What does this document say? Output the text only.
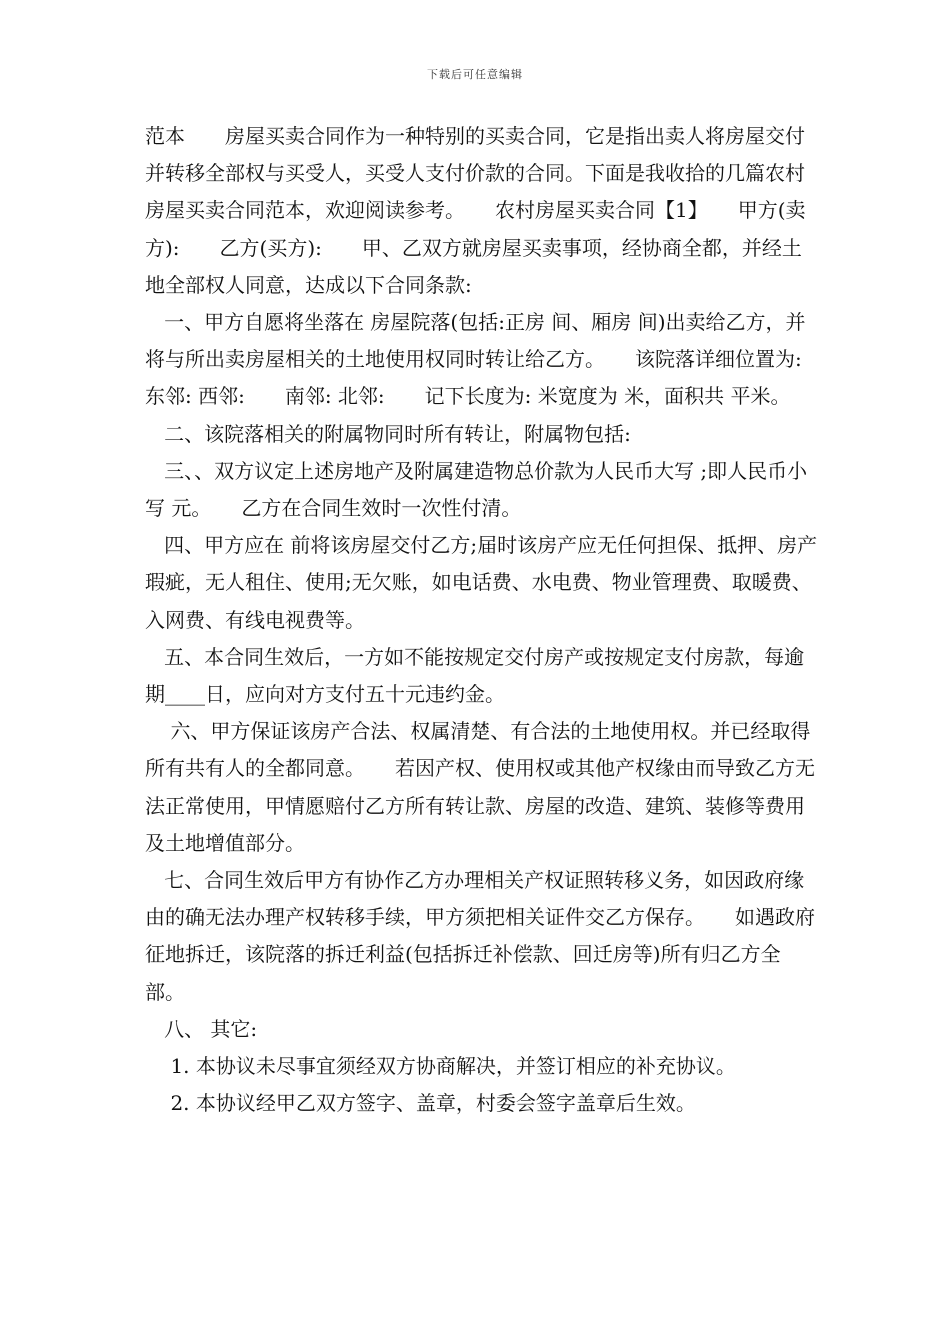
下载后可任意编辑

范本　　房屋买卖合同作为一种特别的买卖合同，它是指出卖人将房屋交付并转移全部权与买受人，买受人支付价款的合同。下面是我收拾的几篇农村房屋买卖合同范本，欢迎阅读参考。　　农村房屋买卖合同【1】　　甲方(卖方):　　乙方(买方):　　甲、乙双方就房屋买卖事项，经协商全都，并经土地全部权人同意，达成以下合同条款:

一、甲方自愿将坐落在 房屋院落(包括:正房 间、厢房 间)出卖给乙方，并将与所出卖房屋相关的土地使用权同时转让给乙方。　　该院落详细位置为:　　东邻: 西邻:　　南邻: 北邻:　　记下长度为: 米宽度为 米，面积共 平米。

二、该院落相关的附属物同时所有转让，附属物包括:

三、、双方议定上述房地产及附属建造物总价款为人民币大写 ;即人民币小写 元。　　乙方在合同生效时一次性付清。

四、甲方应在 前将该房屋交付乙方;届时该房产应无任何担保、抵押、房产瑕疵，无人租住、使用;无欠账，如电话费、水电费、物业管理费、取暖费、入网费、有线电视费等。

五、本合同生效后，一方如不能按规定交付房产或按规定支付房款，每逾期____日，应向对方支付五十元违约金。

六、甲方保证该房产合法、权属清楚、有合法的土地使用权。并已经取得所有共有人的全都同意。　　若因产权、使用权或其他产权缘由而导致乙方无法正常使用，甲情愿赔付乙方所有转让款、房屋的改造、建筑、装修等费用及土地增值部分。

七、合同生效后甲方有协作乙方办理相关产权证照转移义务，如因政府缘由的确无法办理产权转移手续，甲方须把相关证件交乙方保存。　　如遇政府征地拆迁，该院落的拆迁利益(包括拆迁补偿款、回迁房等)所有归乙方全部。

八、 其它:

1. 本协议未尽事宜须经双方协商解决，并签订相应的补充协议。

2. 本协议经甲乙双方签字、盖章，村委会签字盖章后生效。
